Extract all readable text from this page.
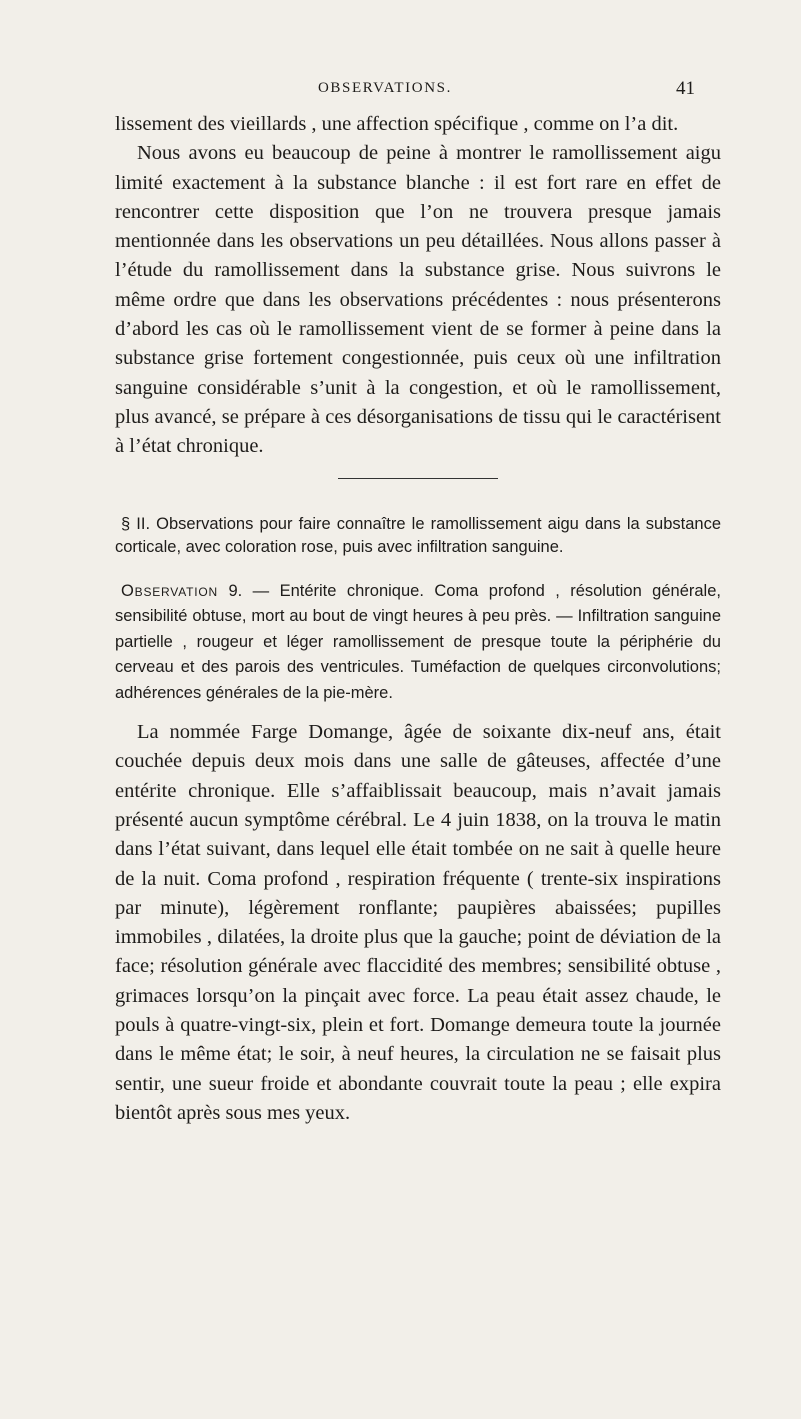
OBSERVATIONS.	41

lissement des vieillards , une affection spécifique , comme on l’a dit.

Nous avons eu beaucoup de peine à montrer le ramollissement aigu limité exactement à la substance blanche : il est fort rare en effet de rencontrer cette disposition que l’on ne trouvera presque jamais mentionnée dans les observations un peu détaillées. Nous allons passer à l’étude du ramollissement dans la substance grise. Nous suivrons le même ordre que dans les observations précédentes : nous présenterons d’abord les cas où le ramollissement vient de se former à peine dans la substance grise fortement congestionnée, puis ceux où une infiltration sanguine considérable s’unit à la congestion, et où le ramollissement, plus avancé, se prépare à ces désorganisations de tissu qui le caractérisent à l’état chronique.

§ II. Observations pour faire connaître le ramollissement aigu dans la substance corticale, avec coloration rose, puis avec infiltration sanguine.

Observation 9. — Entérite chronique. Coma profond , résolution générale, sensibilité obtuse, mort au bout de vingt heures à peu près. — Infiltration sanguine partielle , rougeur et léger ramollissement de presque toute la périphérie du cerveau et des parois des ventricules. Tuméfaction de quelques circonvolutions; adhérences générales de la pie-mère.

La nommée Farge Domange, âgée de soixante dix-neuf ans, était couchée depuis deux mois dans une salle de gâteuses, affectée d’une entérite chronique. Elle s’affaiblissait beaucoup, mais n’avait jamais présenté aucun symptôme cérébral. Le 4 juin 1838, on la trouva le matin dans l’état suivant, dans lequel elle était tombée on ne sait à quelle heure de la nuit. Coma profond , respiration fréquente ( trente-six inspirations par minute), légèrement ronflante; paupières abaissées; pupilles immobiles , dilatées, la droite plus que la gauche; point de déviation de la face; résolution générale avec flaccidité des membres; sensibilité obtuse , grimaces lorsqu’on la pinçait avec force. La peau était assez chaude, le pouls à quatre-vingt-six, plein et fort. Domange demeura toute la journée dans le même état; le soir, à neuf heures, la circulation ne se faisait plus sentir, une sueur froide et abondante couvrait toute la peau ; elle expira bientôt après sous mes yeux.
